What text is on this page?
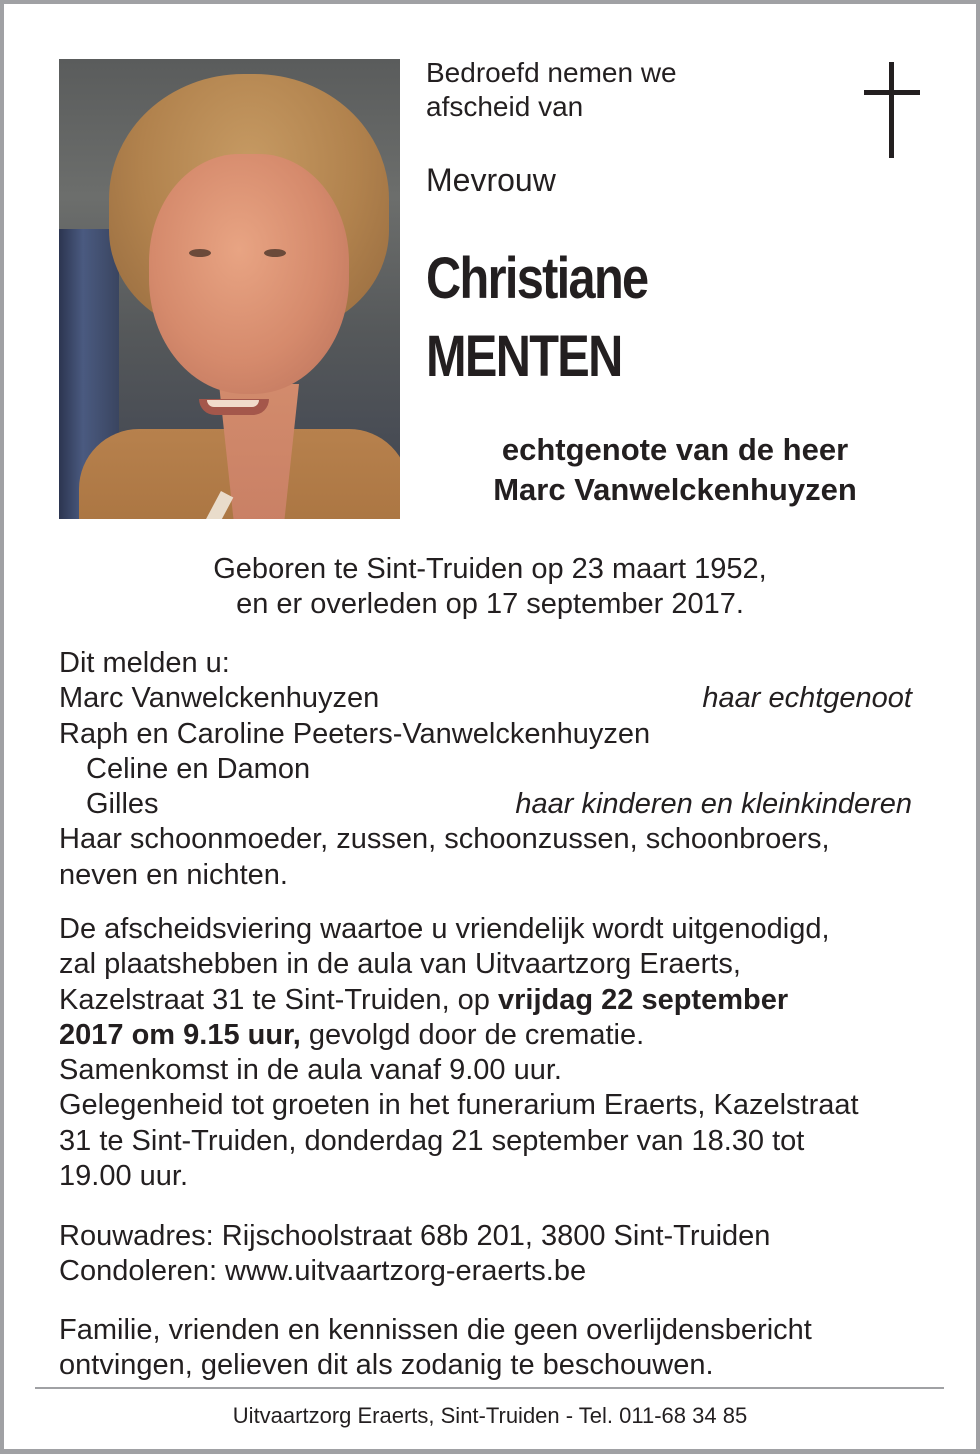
Bedroefd nemen we
afscheid van
Mevrouw
Christiane
MENTEN
echtgenote van de heer
Marc Vanwelckenhuyzen
Geboren te Sint-Truiden op 23 maart 1952,
en er overleden op 17 september 2017.
Dit melden u:
Marc Vanwelckenhuyzen	haar echtgenoot
Raph en Caroline Peeters-Vanwelckenhuyzen
Celine en Damon
Gilles	haar kinderen en kleinkinderen
Haar schoonmoeder, zussen, schoonzussen, schoonbroers,
neven en nichten.
De afscheidsviering waartoe u vriendelijk wordt uitgenodigd,
zal plaatshebben in de aula van Uitvaartzorg Eraerts,
Kazelstraat 31 te Sint-Truiden, op vrijdag 22 september
2017 om 9.15 uur, gevolgd door de crematie.
Samenkomst in de aula vanaf 9.00 uur.
Gelegenheid tot groeten in het funerarium Eraerts, Kazelstraat
31 te Sint-Truiden, donderdag 21 september van 18.30 tot
19.00 uur.
Rouwadres: Rijschoolstraat 68b 201, 3800 Sint-Truiden
Condoleren: www.uitvaartzorg-eraerts.be
Familie, vrienden en kennissen die geen overlijdensbericht
ontvingen, gelieven dit als zodanig te beschouwen.
Uitvaartzorg Eraerts, Sint-Truiden - Tel. 011-68 34 85
